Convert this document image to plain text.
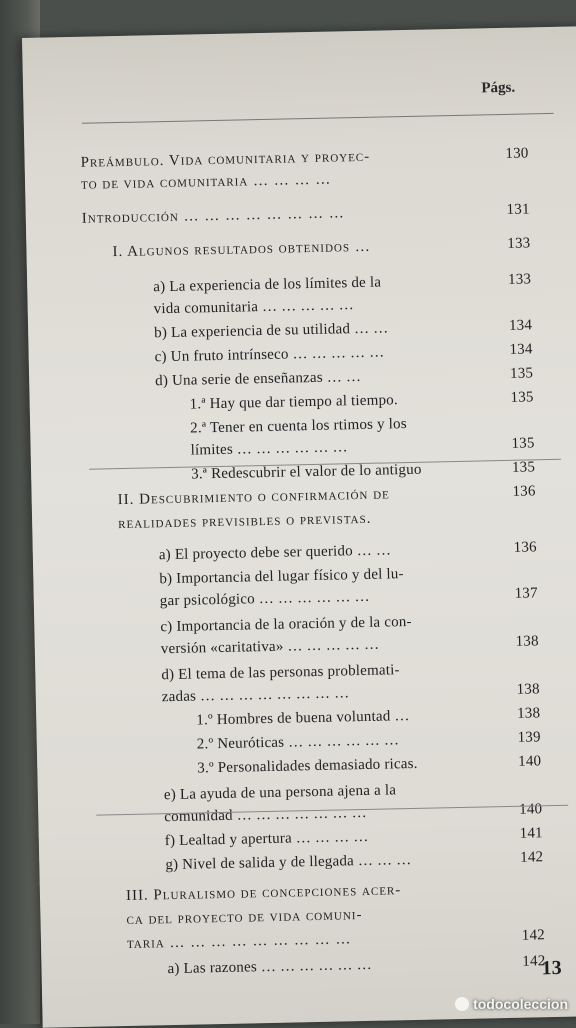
Págs.
Preámbulo. Vida comunitaria y proyec-	130
to de vida comunitaria … … … …
Introducción … … … … … … … …	131
I. Algunos resultados obtenidos …	133
a) La experiencia de los límites de la	133
vida comunitaria … … … … …
b) La experiencia de su utilidad … …	134
c) Un fruto intrínseco … … … … …	134
d) Una serie de enseñanzas … …	135
1.ª Hay que dar tiempo al tiempo.	135
2.ª Tener en cuenta los rtimos y los
límites … … … … … …	135
3.ª Redescubrir el valor de lo antiguo	135
II. Descubrimiento o confirmación de	136
realidades previsibles o previstas.
a) El proyecto debe ser querido … …	136
b) Importancia del lugar físico y del lu-
gar psicológico … … … … … …	137
c) Importancia de la oración y de la con-
versión «caritativa» … … … … …	138
d) El tema de las personas problemati-
zadas … … … … … … … …	138
1.º Hombres de buena voluntad …	138
2.º Neuróticas … … … … … …	139
3.º Personalidades demasiado ricas.	140
e) La ayuda de una persona ajena a la
comunidad … … … … … … …	140
f) Lealtad y apertura … … … …	141
g) Nivel de salida y de llegada … … …	142
III. Pluralismo de concepciones acer-
ca del proyecto de vida comuni-
taria … … … … … … … … …	142
a) Las razones … … … … … …	142
13
todocoleccion
